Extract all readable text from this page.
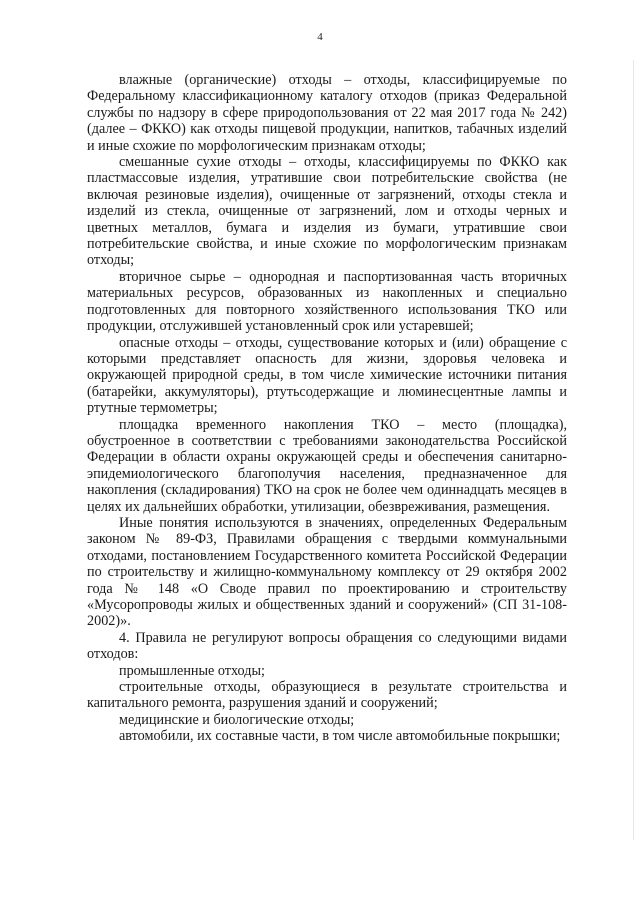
4

влажные (органические) отходы – отходы, классифицируемые по Федеральному классификационному каталогу отходов (приказ Федеральной службы по надзору в сфере природопользования от 22 мая 2017 года № 242) (далее – ФККО) как отходы пищевой продукции, напитков, табачных изделий и иные схожие по морфологическим признакам отходы;

смешанные сухие отходы – отходы, классифицируемы по ФККО как пластмассовые изделия, утратившие свои потребительские свойства (не включая резиновые изделия), очищенные от загрязнений, отходы стекла и изделий из стекла, очищенные от загрязнений, лом и отходы черных и цветных металлов, бумага и изделия из бумаги, утратившие свои потребительские свойства, и иные схожие по морфологическим признакам отходы;

вторичное сырье – однородная и паспортизованная часть вторичных материальных ресурсов, образованных из накопленных и специально подготовленных для повторного хозяйственного использования ТКО или продукции, отслужившей установленный срок или устаревшей;

опасные отходы – отходы, существование которых и (или) обращение с которыми представляет опасность для жизни, здоровья человека и окружающей природной среды, в том числе химические источники питания (батарейки, аккумуляторы), ртутьсодержащие и люминесцентные лампы и ртутные термометры;

площадка временного накопления ТКО – место (площадка), обустроенное в соответствии с требованиями законодательства Российской Федерации в области охраны окружающей среды и обеспечения санитарно-эпидемиологического благополучия населения, предназначенное для накопления (складирования) ТКО на срок не более чем одиннадцать месяцев в целях их дальнейших обработки, утилизации, обезвреживания, размещения.

Иные понятия используются в значениях, определенных Федеральным законом № 89-ФЗ, Правилами обращения с твердыми коммунальными отходами, постановлением Государственного комитета Российской Федерации по строительству и жилищно-коммунальному комплексу от 29 октября 2002 года № 148 «О Своде правил по проектированию и строительству «Мусоропроводы жилых и общественных зданий и сооружений» (СП 31-108-2002)».

4. Правила не регулируют вопросы обращения со следующими видами отходов:

промышленные отходы;

строительные отходы, образующиеся в результате строительства и капитального ремонта, разрушения зданий и сооружений;

медицинские и биологические отходы;

автомобили, их составные части, в том числе автомобильные покрышки;
